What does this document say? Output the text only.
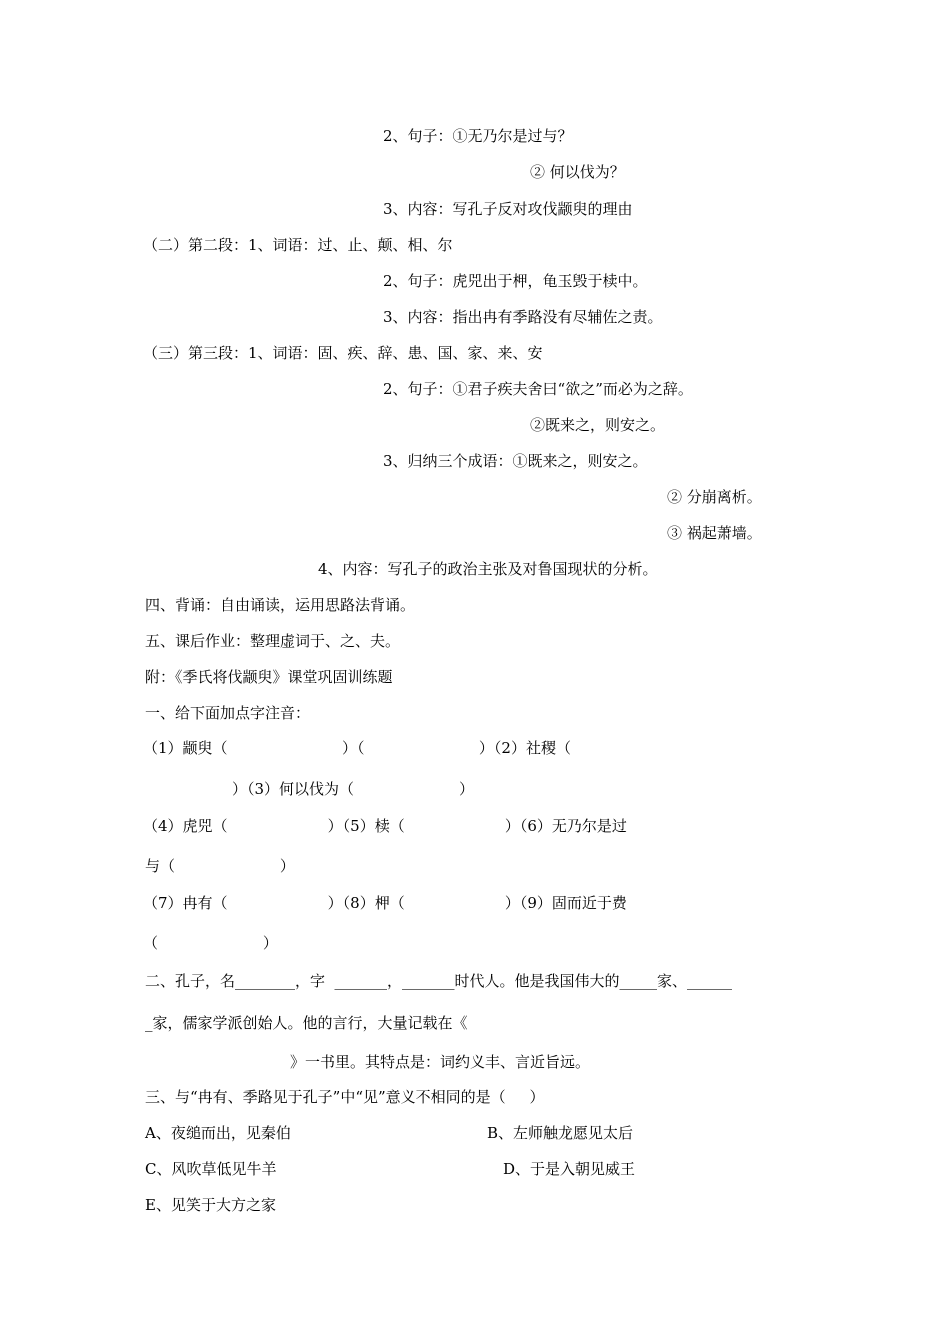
2、句子：①无乃尔是过与？
② 何以伐为？
3、内容：写孔子反对攻伐颛臾的理由
（二）第二段：1、词语：过、止、颠、相、尔
2、句子：虎兕出于柙，龟玉毁于椟中。
3、内容：指出冉有季路没有尽辅佐之责。
（三）第三段：1、词语：固、疾、辞、患、国、家、来、安
2、句子：①君子疾夫舍曰“欲之”而必为之辞。
②既来之，则安之。
3、归纳三个成语：①既来之，则安之。
② 分崩离析。
③ 祸起萧墙。
4、内容：写孔子的政治主张及对鲁国现状的分析。
四、背诵：自由诵读，运用思路法背诵。
五、课后作业：整理虚词于、之、夫。
附：《季氏将伐颛臾》课堂巩固训练题
一、给下面加点字注音：
（1）颛臾（                        ）（                        ）（2）社稷（
）（3）何以伐为（                      ）
（4）虎兕（                     ）（5）椟（                     ）（6）无乃尔是过
与（                      ）
（7）冉有（                     ）（8）柙（                     ）（9）固而近于费
（                      ）
二、孔子，名________，字  _______，_______时代人。他是我国伟大的_____家、______
_家，儒家学派创始人。他的言行，大量记载在《
》一书里。其特点是：词约义丰、言近旨远。
三、与“冉有、季路见于孔子”中“见”意义不相同的是（     ）
A、夜缒而出，见秦伯	B、左师触龙愿见太后
C、风吹草低见牛羊	D、于是入朝见威王
E、见笑于大方之家
